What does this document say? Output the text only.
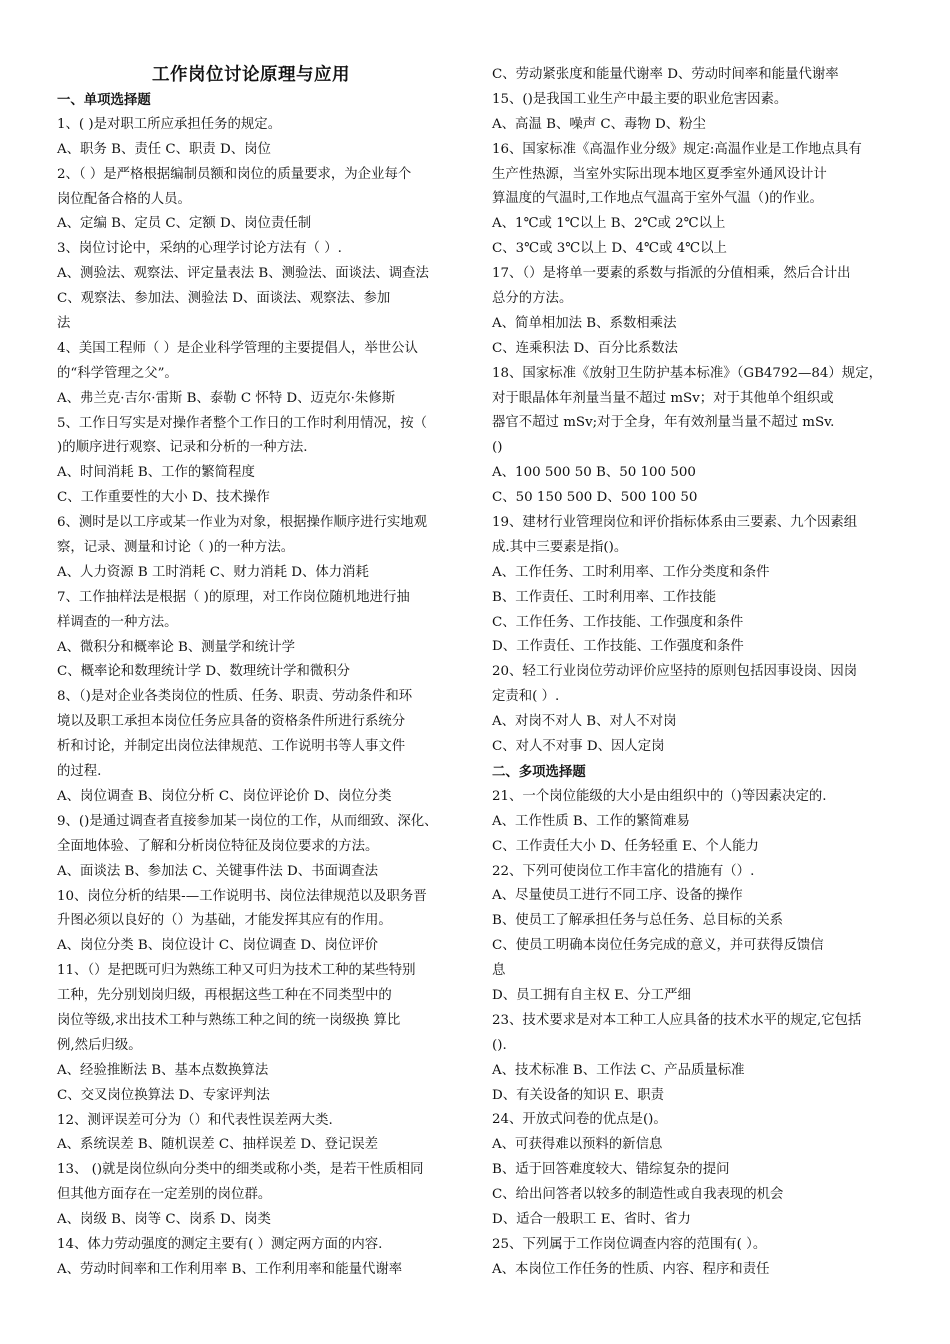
工作岗位讨论原理与应用
一、单项选择题
1、( )是对职工所应承担任务的规定。
A、职务 B、责任 C、职责 D、岗位
2、（ ）是严格根据编制员额和岗位的质量要求，为企业每个
岗位配备合格的人员。
A、定编 B、定员 C、定额 D、岗位责任制
3、岗位讨论中，采纳的心理学讨论方法有（ ）.
A、测验法、观察法、评定量表法 B、测验法、面谈法、调查法
C、观察法、参加法、测验法 D、面谈法、观察法、参加
法
4、美国工程师（ ）是企业科学管理的主要提倡人，举世公认
的“科学管理之父”。
A、弗兰克·吉尔·雷斯 B、泰勒 C 怀特 D、迈克尔·朱修斯
5、工作日写实是对操作者整个工作日的工作时利用情况，按（
)的顺序进行观察、记录和分析的一种方法.
A、时间消耗 B、工作的繁简程度
C、工作重要性的大小 D、技术操作
6、测时是以工序或某一作业为对象，根据操作顺序进行实地观
察，记录、测量和讨论（ )的一种方法。
A、人力资源 B 工时消耗 C、财力消耗 D、体力消耗
7、工作抽样法是根据（ )的原理，对工作岗位随机地进行抽
样调查的一种方法。
A、微积分和概率论 B、测量学和统计学
C、概率论和数理统计学 D、数理统计学和微积分
8、（)是对企业各类岗位的性质、任务、职责、劳动条件和环
境以及职工承担本岗位任务应具备的资格条件所进行系统分
析和讨论，并制定出岗位法律规范、工作说明书等人事文件
的过程.
A、岗位调查 B、岗位分析 C、岗位评论价 D、岗位分类
9、()是通过调查者直接参加某一岗位的工作，从而细致、深化、
全面地体验、了解和分析岗位特征及岗位要求的方法。
A、面谈法 B、参加法 C、关键事件法 D、书面调查法
10、岗位分析的结果-—工作说明书、岗位法律规范以及职务晋
升图必须以良好的（）为基础，才能发挥其应有的作用。
A、岗位分类 B、岗位设计 C、岗位调查 D、岗位评价
11、（）是把既可归为熟练工种又可归为技术工种的某些特别
工种，先分别划岗归级，再根据这些工种在不同类型中的
岗位等级,求出技术工种与熟练工种之间的统一岗级换 算比
例,然后归级。
A、经验推断法 B、基本点数换算法
C、交叉岗位换算法 D、专家评判法
12、测评误差可分为（）和代表性误差两大类.
A、系统误差 B、随机误差 C、抽样误差 D、登记误差
13、 ()就是岗位纵向分类中的细类或称小类，是若干性质相同
但其他方面存在一定差别的岗位群。
A、岗级 B、岗等 C、岗系 D、岗类
14、体力劳动强度的测定主要有( ）测定两方面的内容.
A、劳动时间率和工作利用率 B、工作利用率和能量代谢率
C、劳动紧张度和能量代谢率 D、劳动时间率和能量代谢率
15、()是我国工业生产中最主要的职业危害因素。
A、高温 B、噪声 C、毒物 D、粉尘
16、国家标准《高温作业分级》规定:高温作业是工作地点具有
生产性热源，当室外实际出现本地区夏季室外通风设计计
算温度的气温时,工作地点气温高于室外气温（)的作业。
A、1℃或 1℃以上 B、2℃或 2℃以上
C、3℃或 3℃以上 D、4℃或 4℃以上
17、（）是将单一要素的系数与指派的分值相乘，然后合计出
总分的方法。
A、简单相加法 B、系数相乘法
C、连乘积法 D、百分比系数法
18、国家标准《放射卫生防护基本标准》（GB4792—84）规定，
对于眼晶体年剂量当量不超过 mSv；对于其他单个组织或
器官不超过 mSv;对于全身，年有效剂量当量不超过 mSv.
()
A、100 500 50 B、50 100 500
C、50 150 500 D、500 100 50
19、建材行业管理岗位和评价指标体系由三要素、九个因素组
成.其中三要素是指()。
A、工作任务、工时利用率、工作分类度和条件
B、工作责任、工时利用率、工作技能
C、工作任务、工作技能、工作强度和条件
D、工作责任、工作技能、工作强度和条件
20、轻工行业岗位劳动评价应坚持的原则包括因事设岗、因岗
定责和( ）.
A、对岗不对人 B、对人不对岗
C、对人不对事 D、因人定岗
二、多项选择题
21、一个岗位能级的大小是由组织中的（)等因素决定的.
A、工作性质 B、工作的繁简难易
C、工作责任大小 D、任务轻重 E、个人能力
22、下列可使岗位工作丰富化的措施有（）.
A、尽量使员工进行不同工序、设备的操作
B、使员工了解承担任务与总任务、总目标的关系
C、使员工明确本岗位任务完成的意义，并可获得反馈信
息
D、员工拥有自主权 E、分工严细
23、技术要求是对本工种工人应具备的技术水平的规定,它包括
().
A、技术标准 B、工作法 C、产品质量标准
D、有关设备的知识 E、职责
24、开放式问卷的优点是()。
A、可获得难以预料的新信息
B、适于回答难度较大、错综复杂的提问
C、给出问答者以较多的制造性或自我表现的机会
D、适合一般职工 E、省时、省力
25、下列属于工作岗位调查内容的范围有( ）。
A、本岗位工作任务的性质、内容、程序和责任
